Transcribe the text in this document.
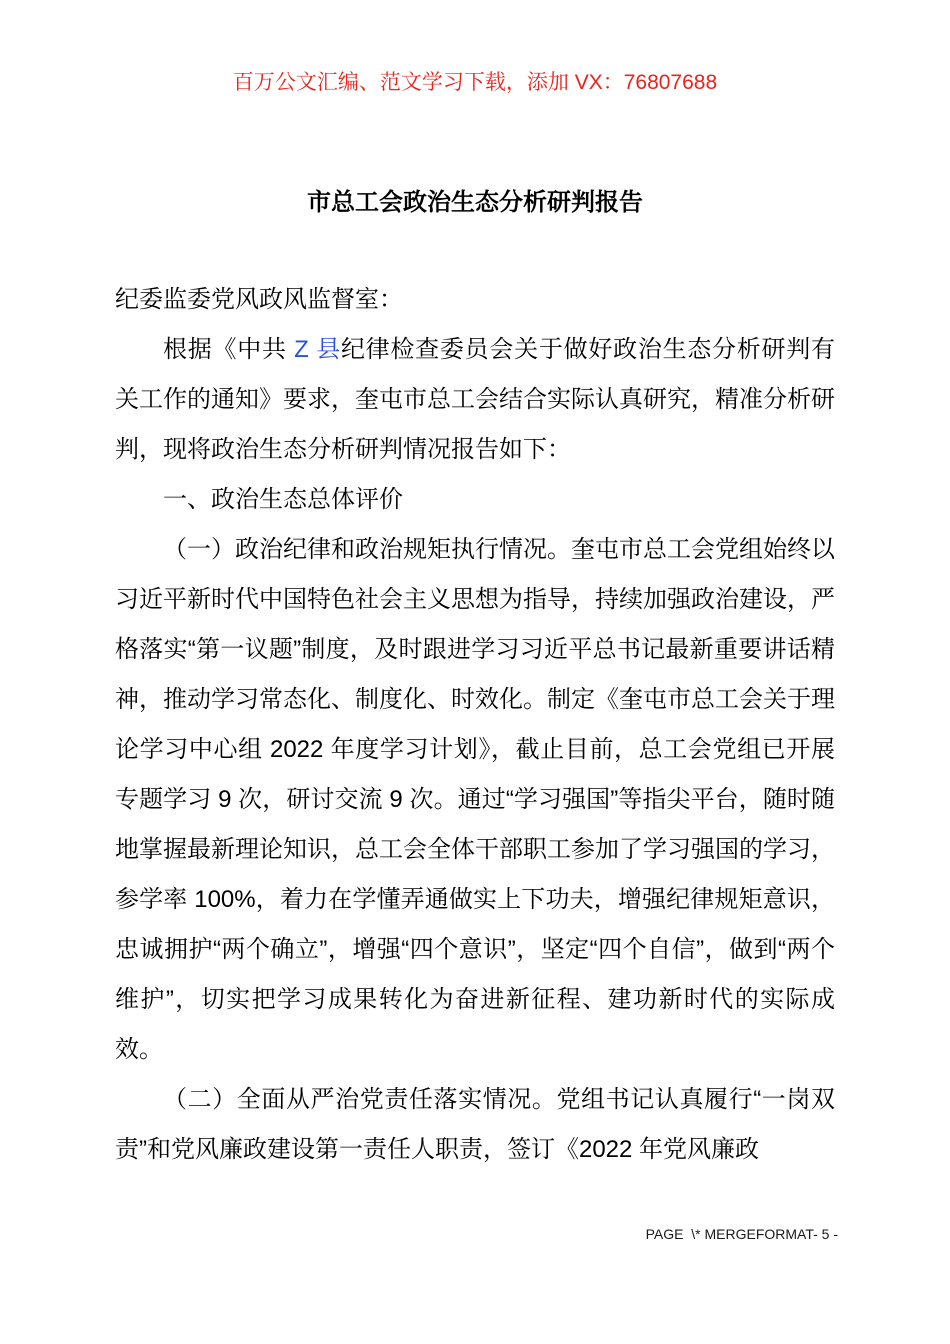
百万公文汇编、范文学习下载，添加 VX：76807688
市总工会政治生态分析研判报告

纪委监委党风政风监督室：

根据《中共 Z 县纪律检查委员会关于做好政治生态分析研判有关工作的通知》要求，奎屯市总工会结合实际认真研究，精准分析研判，现将政治生态分析研判情况报告如下：

一、政治生态总体评价

（一）政治纪律和政治规矩执行情况。奎屯市总工会党组始终以习近平新时代中国特色社会主义思想为指导，持续加强政治建设，严格落实“第一议题”制度，及时跟进学习习近平总书记最新重要讲话精神，推动学习常态化、制度化、时效化。制定《奎屯市总工会关于理论学习中心组 2022 年度学习计划》，截止目前，总工会党组已开展专题学习 9 次，研讨交流 9 次。通过“学习强国”等指尖平台，随时随地掌握最新理论知识，总工会全体干部职工参加了学习强国的学习，参学率 100%，着力在学懂弄通做实上下功夫，增强纪律规矩意识，忠诚拥护“两个确立”，增强“四个意识”，坚定“四个自信”，做到“两个维护”，切实把学习成果转化为奋进新征程、建功新时代的实际成效。

（二）全面从严治党责任落实情况。党组书记认真履行“一岗双责”和党风廉政建设第一责任人职责，签订《2022 年党风廉政

PAGE  \* MERGEFORMAT- 5 -
